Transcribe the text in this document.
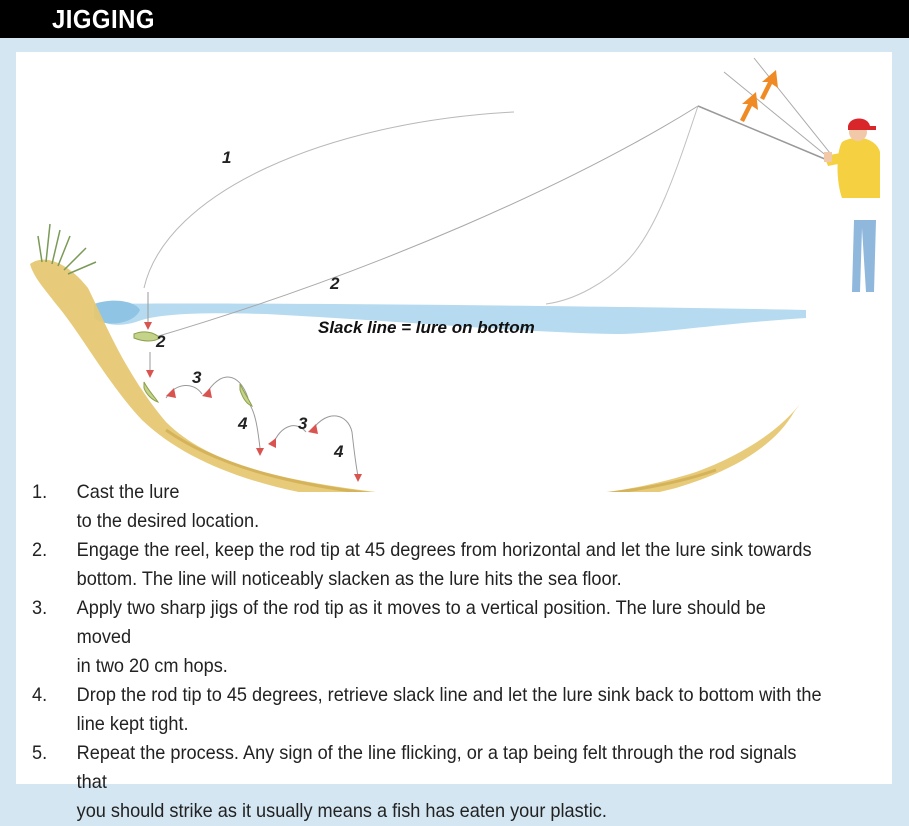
JIGGING
1
2
2
3
4	3
4
Slack line = lure on bottom
1. Cast the lure
to the desired location.
2. Engage the reel, keep the rod tip at 45 degrees from horizontal and let the lure sink towards
bottom. The line will noticeably slacken as the lure hits the sea floor.
3. Apply two sharp jigs of the rod tip as it moves to a vertical position. The lure should be moved
in two 20 cm hops.
4. Drop the rod tip to 45 degrees, retrieve slack line and let the lure sink back to bottom with the
line kept tight.
5. Repeat the process. Any sign of the line flicking, or a tap being felt through the rod signals that
you should strike as it usually means a fish has eaten your plastic.
